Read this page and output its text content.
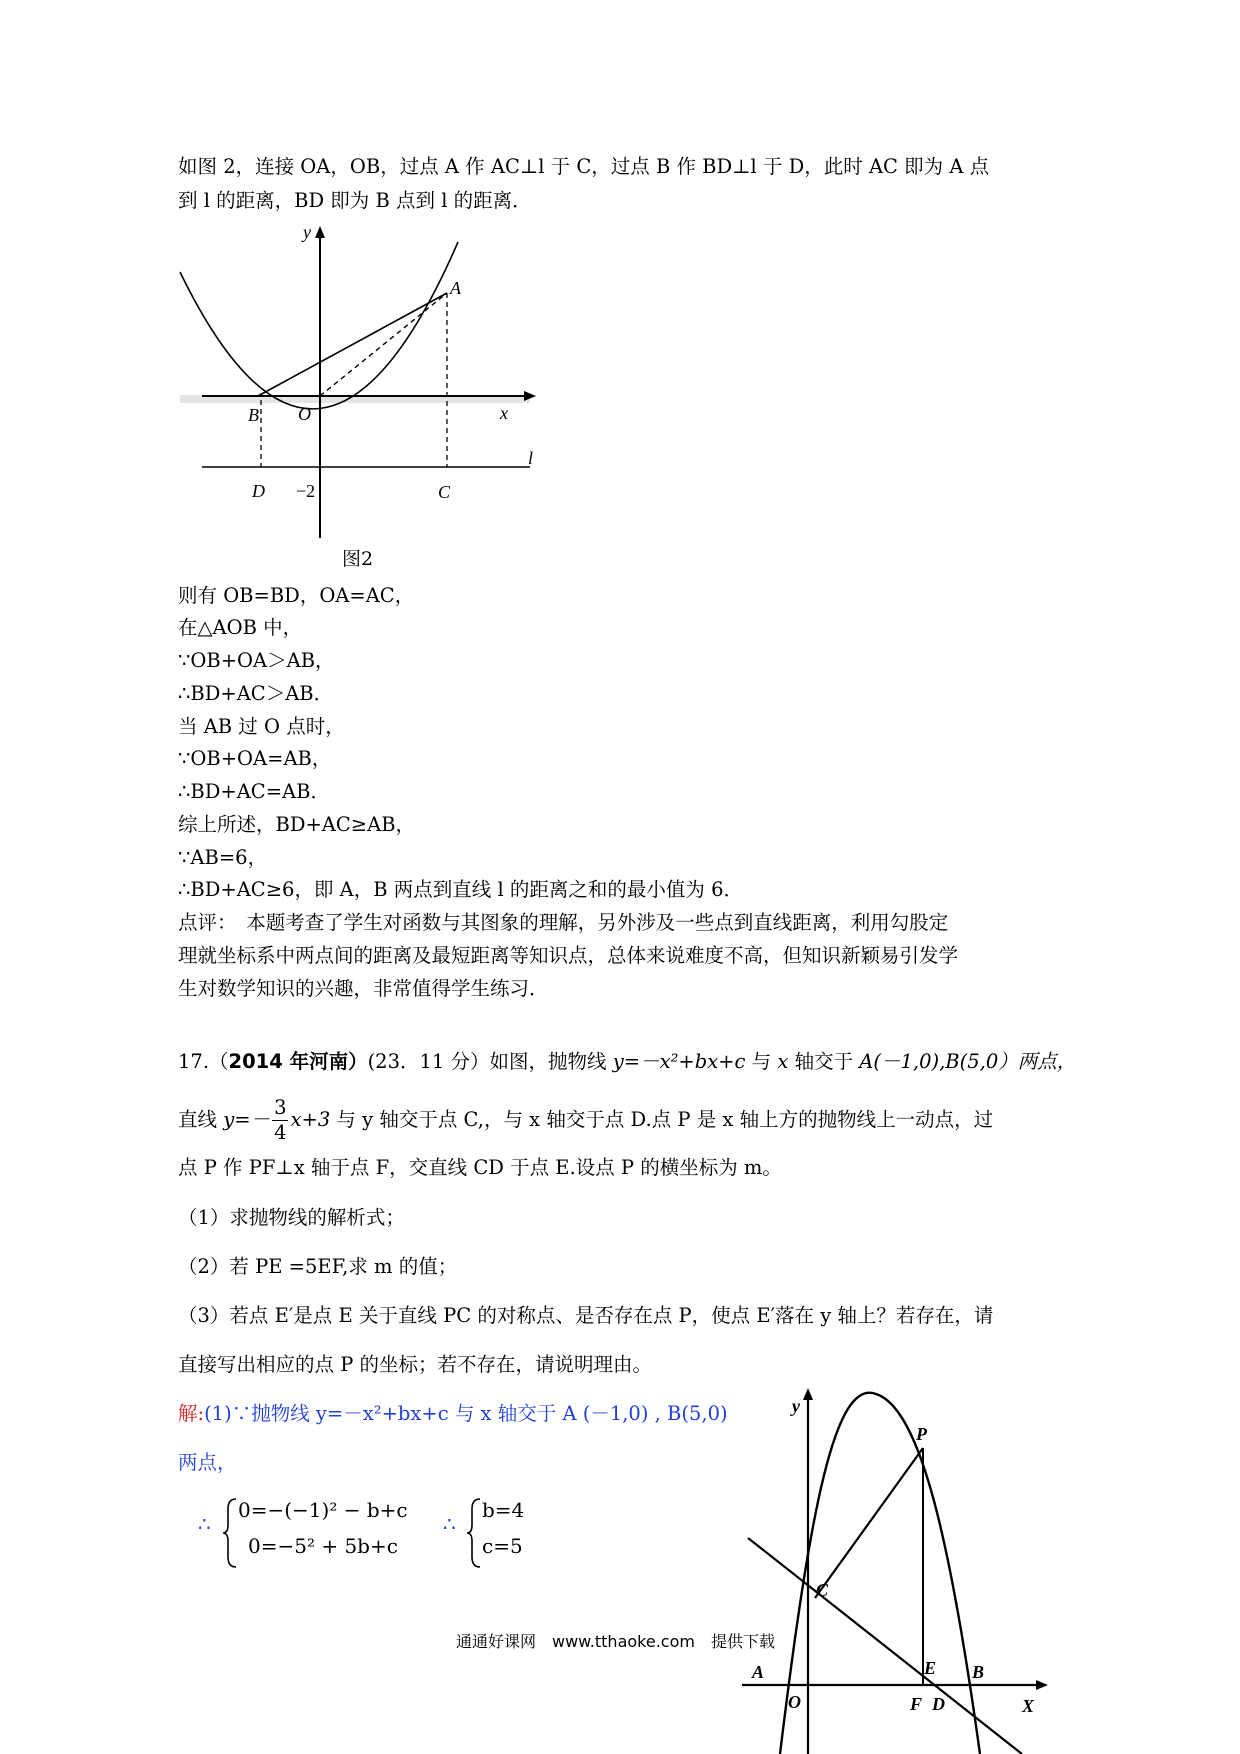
如图 2，连接 OA，OB，过点 A 作 AC⊥l 于 C，过点 B 作 BD⊥l 于 D，此时 AC 即为 A 点
到 l 的距离，BD 即为 B 点到 l 的距离．
y
A
B O	x
l
D −2	C
图2
则有 OB=BD，OA=AC，
在△AOB 中，
∵OB+OA＞AB，
∴BD+AC＞AB．
当 AB 过 O 点时，
∵OB+OA=AB，
∴BD+AC=AB．
综上所述，BD+AC≥AB，
∵AB=6，
∴BD+AC≥6，即 A，B 两点到直线 l 的距离之和的最小值为 6．
点评：　本题考查了学生对函数与其图象的理解，另外涉及一些点到直线距离，利用勾股定
理就坐标系中两点间的距离及最短距离等知识点，总体来说难度不高，但知识新颖易引发学
生对数学知识的兴趣，非常值得学生练习．
17.（2014 年河南）(23．11 分）如图，抛物线 y=－x²+bx+c 与 x 轴交于 A(－1,0),B(5,0）两点，
直线 $y=- \frac{3}{4} x+3$ 与 y 轴交于点 C,，与 x 轴交于点 D.点 P 是 x 轴上方的抛物线上一动点，过
点 P 作 PF⊥x 轴于点 F，交直线 CD 于点 E.设点 P 的横坐标为 m。
（1）求抛物线的解析式；
（2）若 PE =5EF,求 m 的值；
（3）若点 E′是点 E 关于直线 PC 的对称点、是否存在点 P，使点 E′落在 y 轴上？若存在，请
直接写出相应的点 P 的坐标；若不存在，请说明理由。
解:(1)∵抛物线 y=－x²+bx+c 与 x 轴交于 A (－1,0) , B(5,0)
两点，
∴
0=−(−1)² − b+c
0=−5² + 5b+c
∴
b=4
c=5
y
P
C
E
A	B
O	F D	X
通通好课网　www.tthaoke.com　提供下载
